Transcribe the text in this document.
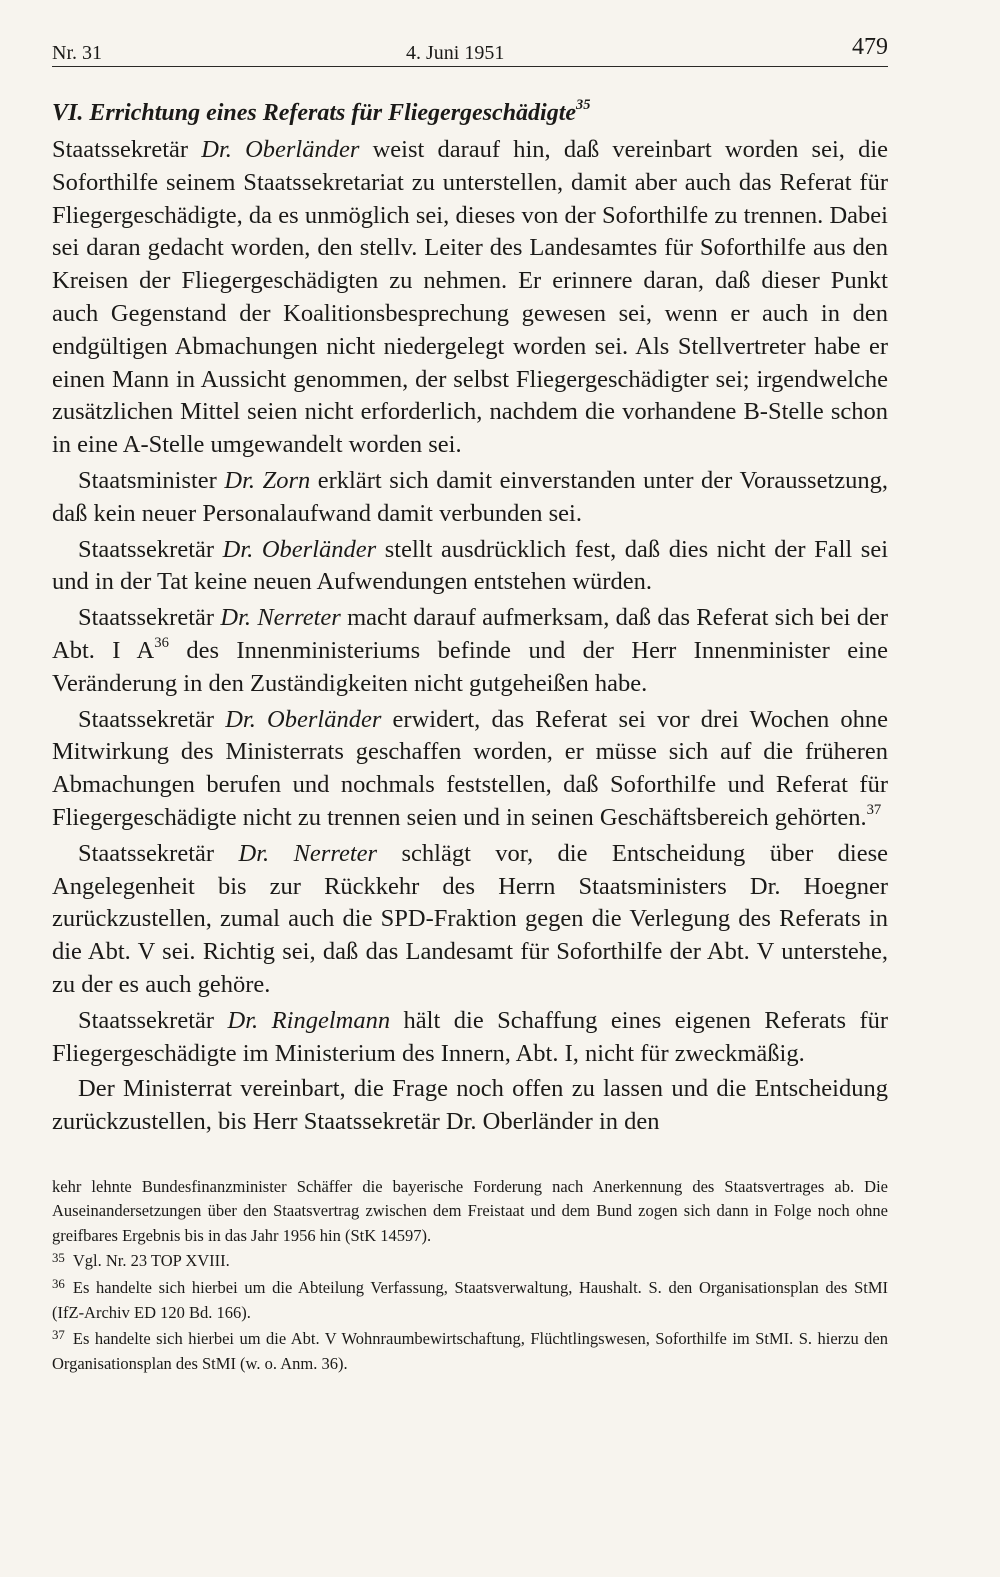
Nr. 31	4. Juni 1951	479
VI. Errichtung eines Referats für Fliegergeschädigte$^{35}$

Staatssekretär Dr. Oberländer weist darauf hin, daß vereinbart worden sei, die Soforthilfe seinem Staatssekretariat zu unterstellen, damit aber auch das Referat für Fliegergeschädigte, da es unmöglich sei, dieses von der Soforthilfe zu trennen. Dabei sei daran gedacht worden, den stellv. Leiter des Landesamtes für Soforthilfe aus den Kreisen der Fliegergeschädigten zu nehmen. Er erinnere daran, daß dieser Punkt auch Gegenstand der Koalitionsbesprechung gewesen sei, wenn er auch in den endgültigen Abmachungen nicht niedergelegt worden sei. Als Stellvertreter habe er einen Mann in Aussicht genommen, der selbst Fliegergeschädigter sei; irgendwelche zusätzlichen Mittel seien nicht erforderlich, nachdem die vorhandene B-Stelle schon in eine A-Stelle umgewandelt worden sei.

Staatsminister Dr. Zorn erklärt sich damit einverstanden unter der Voraussetzung, daß kein neuer Personalaufwand damit verbunden sei.

Staatssekretär Dr. Oberländer stellt ausdrücklich fest, daß dies nicht der Fall sei und in der Tat keine neuen Aufwendungen entstehen würden.

Staatssekretär Dr. Nerreter macht darauf aufmerksam, daß das Referat sich bei der Abt. I $A^{36}$ des Innenministeriums befinde und der Herr Innenminister eine Veränderung in den Zuständigkeiten nicht gutgeheißen habe.

Staatssekretär Dr. Oberländer erwidert, das Referat sei vor drei Wochen ohne Mitwirkung des Ministerrats geschaffen worden, er müsse sich auf die früheren Abmachungen berufen und nochmals feststellen, daß Soforthilfe und Referat für Fliegergeschädigte nicht zu trennen seien und in seinen Geschäftsbereich gehörten.$^{37}$

Staatssekretär Dr. Nerreter schlägt vor, die Entscheidung über diese Angelegenheit bis zur Rückkehr des Herrn Staatsministers Dr. Hoegner zurückzustellen, zumal auch die SPD-Fraktion gegen die Verlegung des Referats in die Abt. V sei. Richtig sei, daß das Landesamt für Soforthilfe der Abt. V unterstehe, zu der es auch gehöre.

Staatssekretär Dr. Ringelmann hält die Schaffung eines eigenen Referats für Fliegergeschädigte im Ministerium des Innern, Abt. I, nicht für zweckmäßig.

Der Ministerrat vereinbart, die Frage noch offen zu lassen und die Entscheidung zurückzustellen, bis Herr Staatssekretär Dr. Oberländer in den

kehr lehnte Bundesfinanzminister Schäffer die bayerische Forderung nach Anerkennung des Staatsvertrages ab. Die Auseinandersetzungen über den Staatsvertrag zwischen dem Freistaat und dem Bund zogen sich dann in Folge noch ohne greifbares Ergebnis bis in das Jahr 1956 hin (StK 14597).

$^{35}$ Vgl. Nr. 23 TOP XVIII.

$^{36}$ Es handelte sich hierbei um die Abteilung Verfassung, Staatsverwaltung, Haushalt. S. den Organisationsplan des StMI (IfZ-Archiv ED 120 Bd. 166).

$^{37}$ Es handelte sich hierbei um die Abt. V Wohnraumbewirtschaftung, Flüchtlingswesen, Soforthilfe im StMI. S. hierzu den Organisationsplan des StMI (w. o. Anm. 36).
